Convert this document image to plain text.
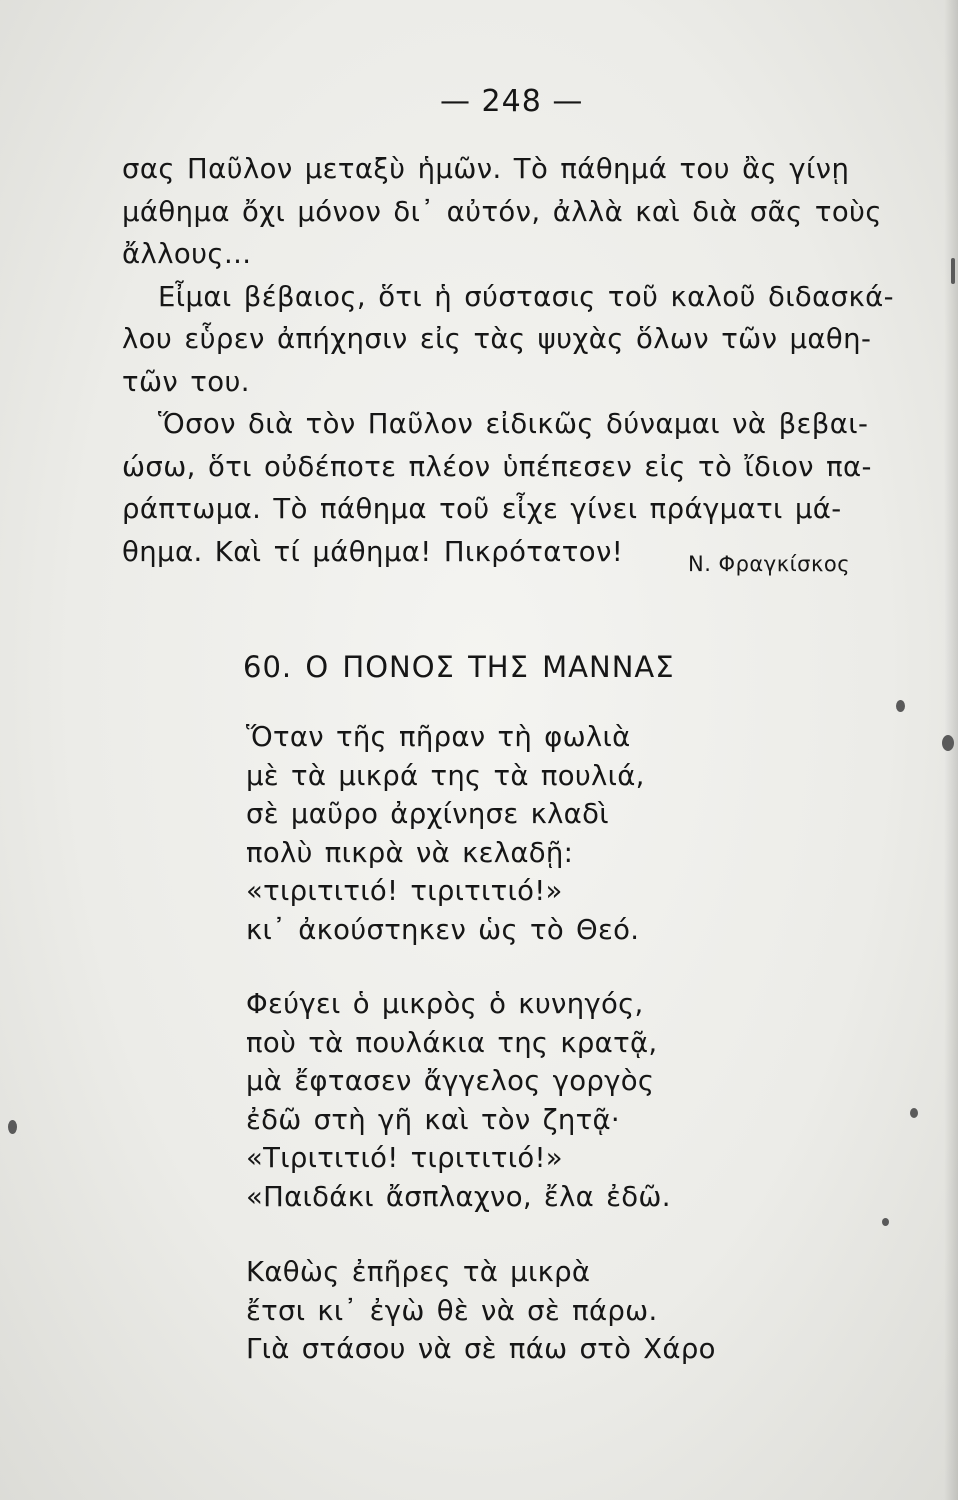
— 248 —
σας Παῦλον μεταξὺ ἡμῶν. Τὸ πάθημά του ἂς γίνῃ
μάθημα ὄχι μόνον δι᾽ αὐτόν, ἀλλὰ καὶ διὰ σᾶς τοὺς
ἄλλους...
Εἶμαι βέβαιος, ὅτι ἡ σύστασις τοῦ καλοῦ διδασκά-
λου εὗρεν ἀπήχησιν εἰς τὰς ψυχὰς ὅλων τῶν μαθη-
τῶν του.
Ὅσον διὰ τὸν Παῦλον εἰδικῶς δύναμαι νὰ βεβαι-
ώσω, ὅτι οὐδέποτε πλέον ὑπέπεσεν εἰς τὸ ἴδιον πα-
ράπτωμα. Τὸ πάθημα τοῦ εἶχε γίνει πράγματι μά-
θημα. Καὶ τί μάθημα! Πικρότατον!	Ν. Φραγκίσκος
60. Ο ΠΟΝΟΣ ΤΗΣ ΜΑΝΝΑΣ
Ὅταν τῆς πῆραν τὴ φωλιὰ
μὲ τὰ μικρά της τὰ πουλιά,
σὲ μαῦρο ἀρχίνησε κλαδὶ
πολὺ πικρὰ νὰ κελαδῇ:
«τιριτιτιό! τιριτιτιό!»
κι᾽ ἀκούστηκεν ὡς τὸ Θεό.
Φεύγει ὁ μικρὸς ὁ κυνηγός,
ποὺ τὰ πουλάκια της κρατᾷ,
μὰ ἔφτασεν ἄγγελος γοργὸς
ἐδῶ στὴ γῆ καὶ τὸν ζητᾷ·
«Τιριτιτιό! τιριτιτιό!»
«Παιδάκι ἄσπλαχνο, ἔλα ἐδῶ.
Καθὼς ἐπῆρες τὰ μικρὰ
ἔτσι κι᾽ ἐγὼ θὲ νὰ σὲ πάρω.
Γιὰ στάσου νὰ σὲ πάω στὸ Χάρο
